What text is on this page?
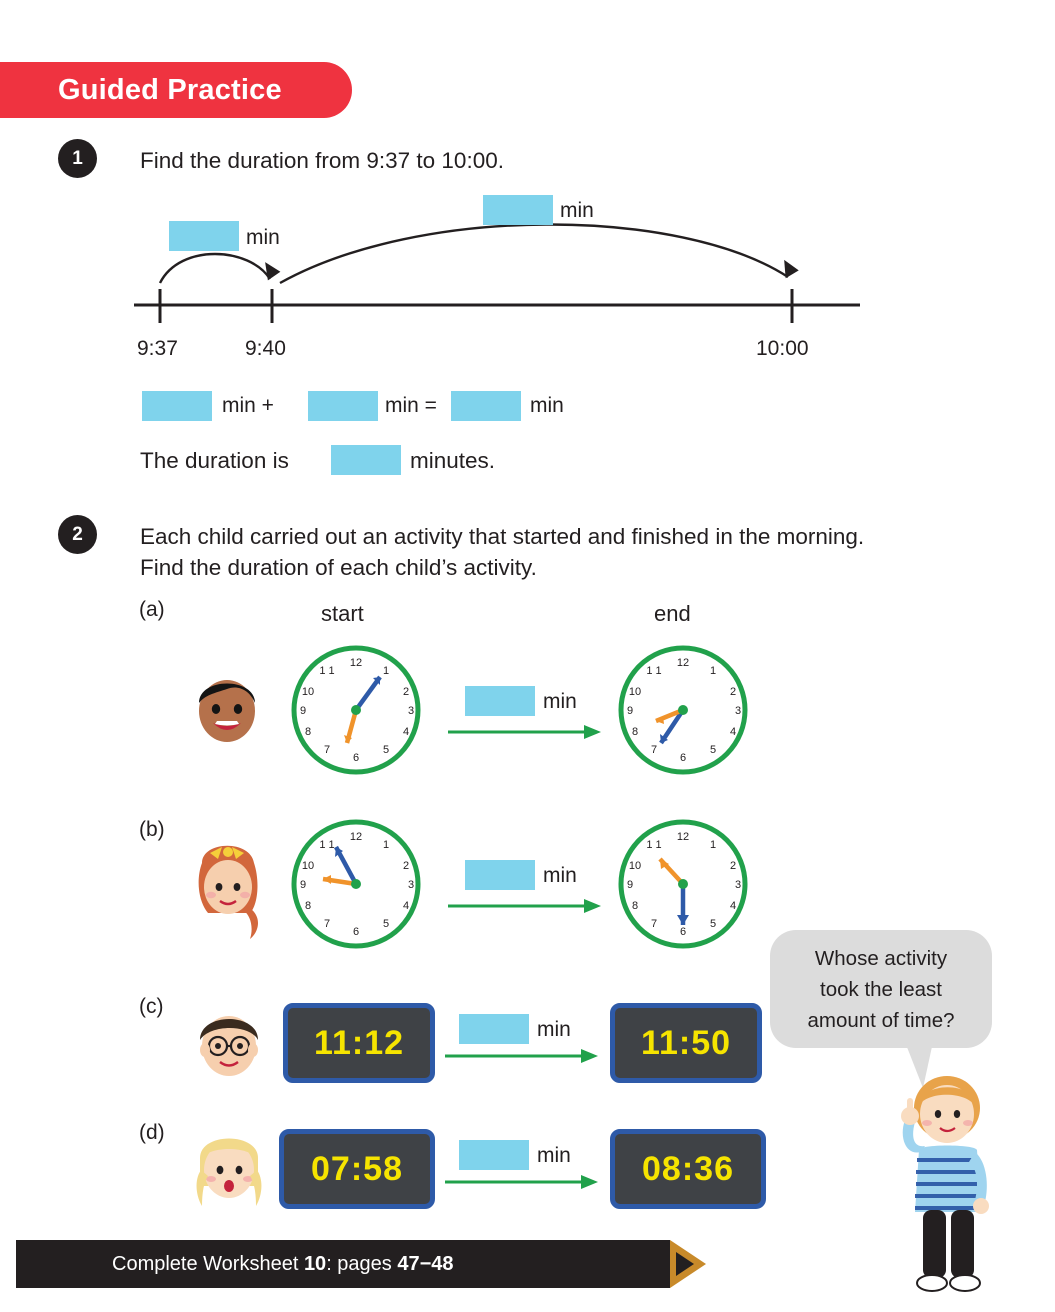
Guided Practice
1	Find the duration from 9:37 to 10:00.
min
min
9:37	9:40	10:00
min +	min =	min
The duration is	minutes.
2	Each child carried out an activity that started and finished in the morning.
Find the duration of each child’s activity.
start	end
(a)
12
1
2
3
4
5
6
7
8
9
10
1 1
min
12
1
2
3
4
5
6
7
8
9
10
1 1
(b)	12
1
2
3
4
5
6
7
8
9
10
1 1
min
12
1
2
3
4
5
6
7
8
9
10
1 1
(c)
11:12	min	11:50
(d)
07:58	min	08:36
Whose activity
took the least
amount of time?
Complete Worksheet 10: pages 47−48
